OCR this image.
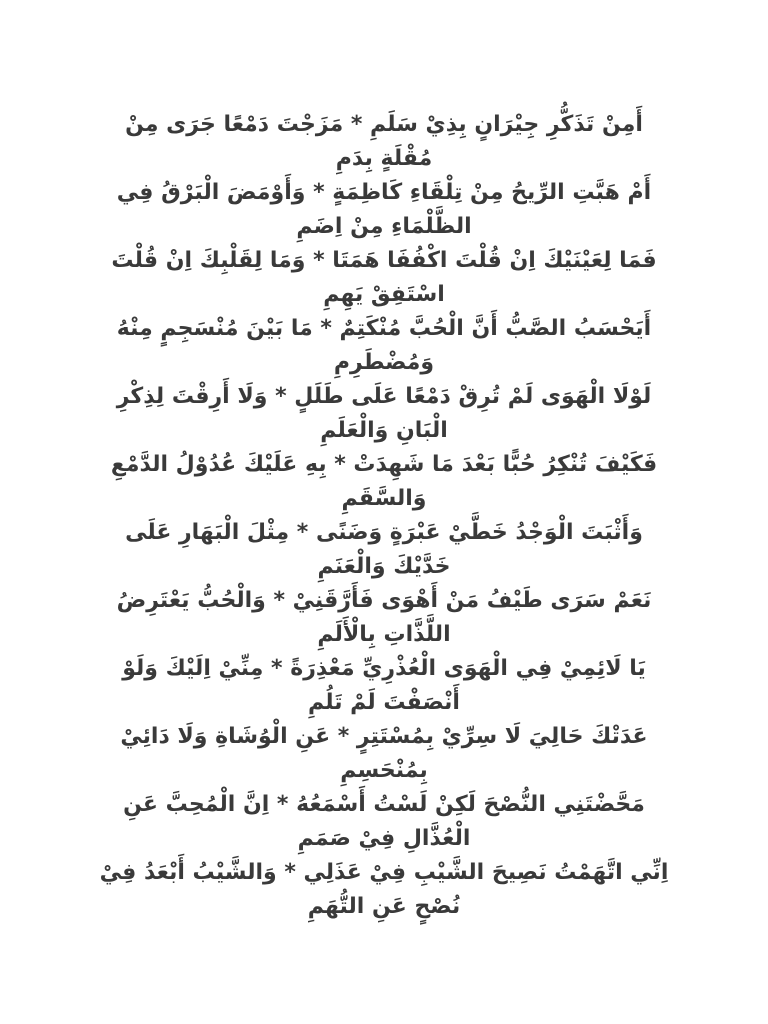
أَمِنْ تَذَكُّرِ جِيْرَانٍ بِذِيْ سَلَمِ * مَزَجْتَ دَمْعًا جَرَى مِنْ مُقْلَةٍ بِدَمِ

أَمْ هَبَّتِ الرِّيحُ مِنْ تِلْقَاءِ كَاظِمَةٍ * وَأَوْمَضَ الْبَرْقُ فِي الظَّلْمَاءِ مِنْ اِضَمِ

فَمَا لِعَيْنَيْكَ اِنْ قُلْتَ اكْفُفَا هَمَتَا * وَمَا لِقَلْبِكَ اِنْ قُلْتَ اسْتَفِقْ يَهِمِ

أَيَحْسَبُ الصَّبُّ أَنَّ الْحُبَّ مُنْكَتِمٌ * مَا بَيْنَ مُنْسَجِمٍ مِنْهُ وَمُضْطَرِمِ

لَوْلَا الْهَوَى لَمْ تُرِقْ دَمْعًا عَلَى طَلَلٍ * وَلَا أَرِقْتَ لِذِكْرِ الْبَانِ وَالْعَلَمِ

فَكَيْفَ تُنْكِرُ حُبًّا بَعْدَ مَا شَهِدَتْ * بِهِ عَلَيْكَ عُدُوْلُ الدَّمْعِ وَالسَّقَمِ

وَأَثْبَتَ الْوَجْدُ خَطَّيْ عَبْرَةٍ وَضَنًى * مِثْلَ الْبَهَارِ عَلَى خَدَّيْكَ وَالْعَنَمِ

نَعَمْ سَرَى طَيْفُ مَنْ أَهْوَى فَأَرَّقَنِيْ * وَالْحُبُّ يَعْتَرِضُ اللَّذَّاتِ بِالْأَلَمِ

يَا لَائِمِيْ فِي الْهَوَى الْعُذْرِيِّ مَعْذِرَةً * مِنِّيْ اِلَيْكَ وَلَوْ أَنْصَفْتَ لَمْ تَلُمِ

عَدَتْكَ حَالِيَ لَا سِرِّيْ بِمُسْتَتِرٍ * عَنِ الْوُشَاةِ وَلَا دَائِيْ بِمُنْحَسِمِ

مَحَّضْتَنِي النُّصْحَ لَكِنْ لَسْتُ أَسْمَعُهُ * اِنَّ الْمُحِبَّ عَنِ الْعُذَّالِ فِيْ صَمَمِ

اِنِّي اتَّهَمْتُ نَصِيحَ الشَّيْبِ فِيْ عَذَلِي * وَالشَّيْبُ أَبْعَدُ فِيْ نُصْحٍ عَنِ التُّهَمِ
